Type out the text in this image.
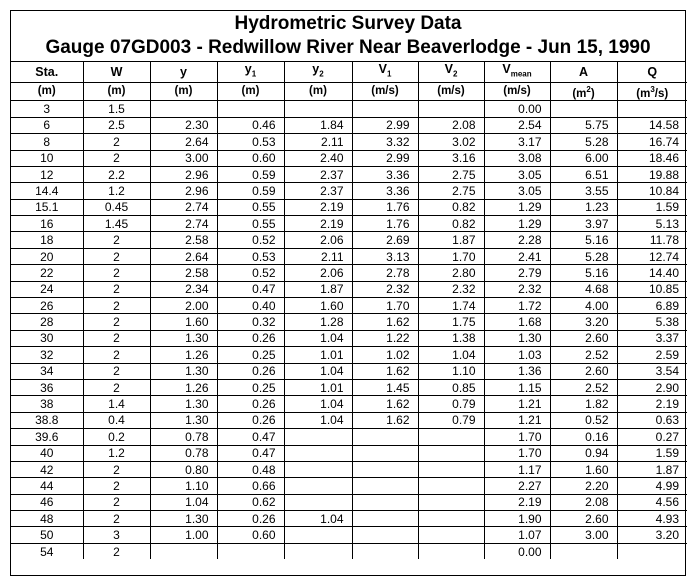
Hydrometric Survey Data
Gauge 07GD003 - Redwillow River Near Beaverlodge - Jun 15, 1990
Sta.	W	y	$y_1$	$y_2$	$V_1$	$V_2$	$V_{mean}$	A	Q
(m)	(m)	(m)	(m)	(m)	(m/s)	(m/s)	(m/s)	$(m^2)$	$(m^3/s)$
3	1.5						0.00		
6	2.5	2.30	0.46	1.84	2.99	2.08	2.54	5.75	14.58
8	2	2.64	0.53	2.11	3.32	3.02	3.17	5.28	16.74
10	2	3.00	0.60	2.40	2.99	3.16	3.08	6.00	18.46
12	2.2	2.96	0.59	2.37	3.36	2.75	3.05	6.51	19.88
14.4	1.2	2.96	0.59	2.37	3.36	2.75	3.05	3.55	10.84
15.1	0.45	2.74	0.55	2.19	1.76	0.82	1.29	1.23	1.59
16	1.45	2.74	0.55	2.19	1.76	0.82	1.29	3.97	5.13
18	2	2.58	0.52	2.06	2.69	1.87	2.28	5.16	11.78
20	2	2.64	0.53	2.11	3.13	1.70	2.41	5.28	12.74
22	2	2.58	0.52	2.06	2.78	2.80	2.79	5.16	14.40
24	2	2.34	0.47	1.87	2.32	2.32	2.32	4.68	10.85
26	2	2.00	0.40	1.60	1.70	1.74	1.72	4.00	6.89
28	2	1.60	0.32	1.28	1.62	1.75	1.68	3.20	5.38
30	2	1.30	0.26	1.04	1.22	1.38	1.30	2.60	3.37
32	2	1.26	0.25	1.01	1.02	1.04	1.03	2.52	2.59
34	2	1.30	0.26	1.04	1.62	1.10	1.36	2.60	3.54
36	2	1.26	0.25	1.01	1.45	0.85	1.15	2.52	2.90
38	1.4	1.30	0.26	1.04	1.62	0.79	1.21	1.82	2.19
38.8	0.4	1.30	0.26	1.04	1.62	0.79	1.21	0.52	0.63
39.6	0.2	0.78	0.47				1.70	0.16	0.27
40	1.2	0.78	0.47				1.70	0.94	1.59
42	2	0.80	0.48				1.17	1.60	1.87
44	2	1.10	0.66				2.27	2.20	4.99
46	2	1.04	0.62				2.19	2.08	4.56
48	2	1.30	0.26	1.04			1.90	2.60	4.93
50	3	1.00	0.60				1.07	3.00	3.20
54	2						0.00		
